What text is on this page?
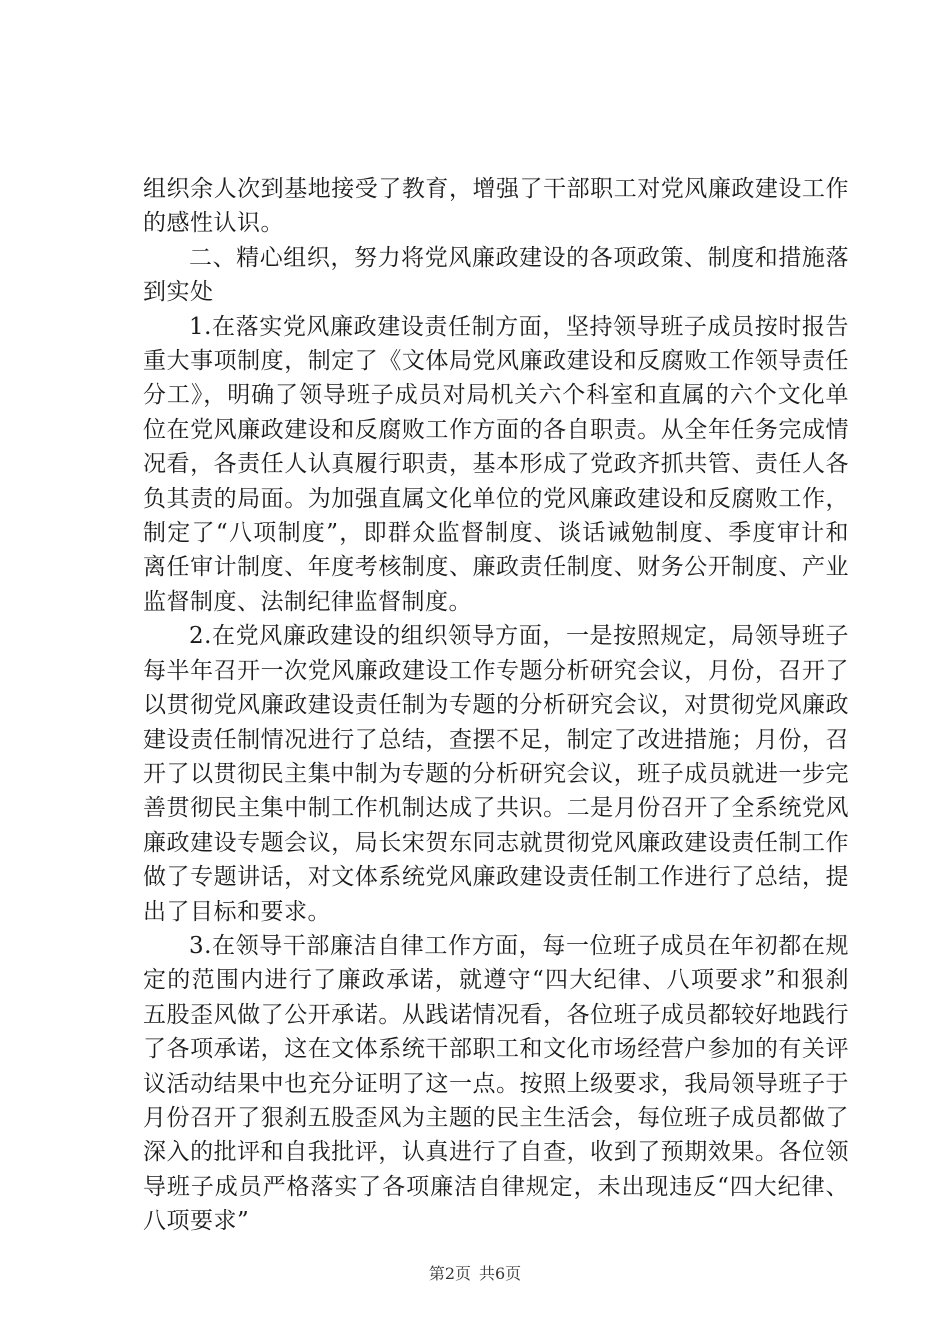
组织余人次到基地接受了教育，增强了干部职工对党风廉政建设工作的感性认识。

二、精心组织，努力将党风廉政建设的各项政策、制度和措施落到实处

1.在落实党风廉政建设责任制方面，坚持领导班子成员按时报告重大事项制度，制定了《文体局党风廉政建设和反腐败工作领导责任分工》，明确了领导班子成员对局机关六个科室和直属的六个文化单位在党风廉政建设和反腐败工作方面的各自职责。从全年任务完成情况看，各责任人认真履行职责，基本形成了党政齐抓共管、责任人各负其责的局面。为加强直属文化单位的党风廉政建设和反腐败工作，制定了“八项制度”，即群众监督制度、谈话诫勉制度、季度审计和离任审计制度、年度考核制度、廉政责任制度、财务公开制度、产业监督制度、法制纪律监督制度。

2.在党风廉政建设的组织领导方面，一是按照规定，局领导班子每半年召开一次党风廉政建设工作专题分析研究会议，月份，召开了以贯彻党风廉政建设责任制为专题的分析研究会议，对贯彻党风廉政建设责任制情况进行了总结，查摆不足，制定了改进措施；月份，召开了以贯彻民主集中制为专题的分析研究会议，班子成员就进一步完善贯彻民主集中制工作机制达成了共识。二是月份召开了全系统党风廉政建设专题会议，局长宋贺东同志就贯彻党风廉政建设责任制工作做了专题讲话，对文体系统党风廉政建设责任制工作进行了总结，提出了目标和要求。

3.在领导干部廉洁自律工作方面，每一位班子成员在年初都在规定的范围内进行了廉政承诺，就遵守“四大纪律、八项要求”和狠刹五股歪风做了公开承诺。从践诺情况看，各位班子成员都较好地践行了各项承诺，这在文体系统干部职工和文化市场经营户参加的有关评议活动结果中也充分证明了这一点。按照上级要求，我局领导班子于月份召开了狠刹五股歪风为主题的民主生活会，每位班子成员都做了深入的批评和自我批评，认真进行了自查，收到了预期效果。各位领导班子成员严格落实了各项廉洁自律规定，未出现违反“四大纪律、八项要求”

第2页 共6页
